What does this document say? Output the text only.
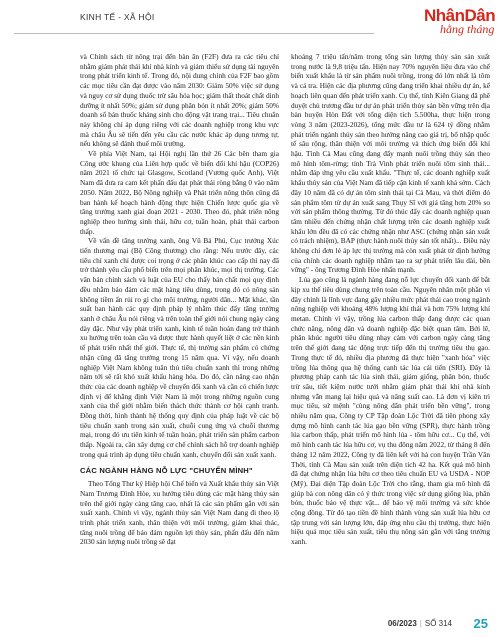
KINH TẾ - XÃ HỘI	NhânDân
hằng tháng

và Chính sách từ nông trại đến bàn ăn (F2F) đưa ra các tiêu chí nhằm giảm phát thải khí nhà kính và giảm thiểu sử dụng tài nguyên trong phát triển kinh tế. Trong đó, nội dung chính của F2F bao gồm các mục tiêu cần đạt được vào năm 2030: Giảm 50% việc sử dụng và nguy cơ sử dụng thuốc trừ sâu hóa học; giảm thất thoát chất dinh dưỡng ít nhất 50%; giảm sử dụng phân bón ít nhất 20%; giảm 50% doanh số bán thuốc kháng sinh cho động vật trang trại... Tiêu chuẩn này không chỉ áp dụng riêng với các doanh nghiệp trong khu vực mà châu Âu sẽ tiến đến yêu cầu các nước khác áp dụng tương tự, nếu không sẽ đánh thuế môi trường.

Về phía Việt Nam, tại Hội nghị lần thứ 26 Các bên tham gia Công ước khung của Liên hợp quốc về biến đổi khí hậu (COP26) năm 2021 tổ chức tại Glasgow, Scotland (Vương quốc Anh), Việt Nam đã đưa ra cam kết phấn đấu đạt phát thải ròng bằng 0 vào năm 2050. Năm 2022, Bộ Nông nghiệp và Phát triển nông thôn cũng đã ban hành kế hoạch hành động thực hiện Chiến lược quốc gia về tăng trưởng xanh giai đoạn 2021 - 2030. Theo đó, phát triển nông nghiệp theo hướng sinh thái, hữu cơ, tuần hoàn, phát thải carbon thấp.

Về vấn đề tăng trưởng xanh, ông Vũ Bá Phú, Cục trưởng Xúc tiến thương mại (Bộ Công thương) cho rằng: Nếu trước đây, các tiêu chí xanh chỉ được coi trọng ở các phân khúc cao cấp thì nay đã trở thành yêu cầu phổ biến trên mọi phân khúc, mọi thị trường. Các văn bản chính sách và luật của EU cho thấy bản chất mọi quy định đều nhằm bảo đảm các mặt hàng tiêu dùng, trong đó có nông sản không tiềm ẩn rủi ro gì cho môi trường, người dân... Mặt khác, tần suất ban hành các quy định pháp lý nhằm thúc đẩy tăng trưởng xanh ở châu Âu nói riêng và trên toàn thế giới nói chung ngày càng dày đặc. Như vậy phát triển xanh, kinh tế tuần hoàn đang trở thành xu hướng trên toàn cầu và được thực hành quyết liệt ở các nền kinh tế phát triển nhất thế giới. Thực tế, thị trường sản phẩm có chứng nhận cũng đã tăng trưởng trong 15 năm qua. Vì vậy, nếu doanh nghiệp Việt Nam không tuân thủ tiêu chuẩn xanh thì trong những năm tới sẽ rất khó xuất khẩu hàng hóa. Do đó, cần nâng cao nhận thức của các doanh nghiệp về chuyển đổi xanh và cần có chiến lược định vị để khẳng định Việt Nam là một trong những nguồn cung xanh của thế giới nhằm biến thách thức thành cơ hội cạnh tranh. Đồng thời, hình thành hệ thống quy định của pháp luật về các bộ tiêu chuẩn xanh trong sản xuất, chuỗi cung ứng và chuỗi thương mại, trong đó ưu tiên kinh tế tuần hoàn, phát triển sản phẩm carbon thấp. Ngoài ra, cần xây dựng cơ chế chính sách hỗ trợ doanh nghiệp trong quá trình áp dụng tiêu chuẩn xanh, chuyển đổi sản xuất xanh.

CÁC NGÀNH HÀNG NỖ LỰC "CHUYỂN MÌNH"

Theo Tổng Thư ký Hiệp hội Chế biến và Xuất khẩu thủy sản Việt Nam Trương Đình Hòe, xu hướng tiêu dùng các mặt hàng thủy sản trên thế giới ngày càng tăng cao, nhất là các sản phẩm gắn với sản xuất xanh. Chính vì vậy, ngành thủy sản Việt Nam đang đi theo lộ trình phát triển xanh, thân thiện với môi trường, giảm khai thác, tăng nuôi trồng để bảo đảm nguồn lợi thủy sản, phấn đấu đến năm 2030 sản lượng nuôi trồng sẽ đạt

khoảng 7 triệu tấn/năm trong tổng sản lượng thủy sản sản xuất trong nước là 9,8 triệu tấn. Hiện nay 70% nguyên liệu đưa vào chế biến xuất khẩu là từ sản phẩm nuôi trồng, trong đó lớn nhất là tôm và cá tra. Hiện các địa phương cũng đang triển khai nhiều dự án, kế hoạch liên quan đến phát triển xanh. Cụ thể, tỉnh Kiên Giang đã phê duyệt chủ trương đầu tư dự án phát triển thủy sản bền vững trên địa bàn huyện Hòn Đất với tổng diện tích 5.500ha, thực hiện trong vòng 3 năm (2023-2026), tổng mức đầu tư là 624 tỷ đồng nhằm phát triển ngành thủy sản theo hướng năng cao giá trị, bổ nhập quốc tế sâu rộng, thân thiện với môi trường và thích ứng biến đổi khí hậu. Tỉnh Cà Mau cũng đang đẩy mạnh nuôi trồng thủy sản theo mô hình tôm-rừng; tỉnh Trà Vinh phát triển nuôi tôm sinh thái... nhằm đáp ứng yêu cầu xuất khẩu. "Thực tế, các doanh nghiệp xuất khẩu thủy sản của Việt Nam đã tiếp cận kinh tế xanh khá sớm. Cách đây 10 năm đã có dự án tôm sinh thái tại Cà Mau, và thời điểm đó sản phẩm tôm từ dự án xuất sang Thụy Sĩ với giá tăng hơn 20% so với sản phẩm thông thường. Từ đó thúc đẩy các doanh nghiệp quan tâm nhiều đến chứng nhận chất lượng trên các doanh nghiệp xuất khẩu lớn đều đã có các chứng nhận như ASC (chứng nhận sản xuất có trách nhiệm), BAP (thực hành nuôi thủy sản tốt nhất)... Điều này không chỉ đơn lẻ áp lực thị trường mà còn xuất phát từ định hướng của chính các doanh nghiệp nhằm tạo ra sự phát triển lâu dài, bền vững" - ông Trương Đình Hòe nhấn mạnh.

Lúa gạo cũng là ngành hàng đang nỗ lực chuyển đổi xanh để bắt kịp xu thế tiêu dùng chung trên toàn cầu. Nguyên nhân một phần vì đây chính là lĩnh vực đang gây nhiều mức phát thải cao trong ngành nông nghiệp với khoảng 48% lượng khí thải và hơn 75% lượng khí metan. Chính vì vậy, trồng lúa carbon thấp đang được các quan chức năng, nông dân và doanh nghiệp đặc biệt quan tâm. Bởi lẽ, phân khúc người tiêu dùng nhạy cảm với carbon ngày càng tăng trên thế giới đang tác động trực tiếp đến thị trường tiêu thụ gạo. Trong thực tế đó, nhiều địa phương đã thực hiện "xanh hóa" việc trồng lúa thông qua hệ thống canh tác lúa cải tiến (SRI). Đây là phương pháp canh tác lúa sinh thái, giảm giống, phân bón, thuốc trừ sâu, tiết kiệm nước tưới nhằm giảm phát thải khí nhà kính nhưng vẫn mang lại hiệu quả và năng suất cao. Là đơn vị kiên trì mục tiêu, sứ mệnh "cùng nông dân phát triển bền vững", trong nhiều năm qua, Công ty CP Tập đoàn Lộc Trời đã tiên phong xây dựng mô hình canh tác lúa gạo bền vững (SPR), thực hành trồng lúa carbon thấp, phát triển mô hình lúa - tôm hữu cơ... Cụ thể, với mô hình canh tác lúa hữu cơ, vụ thu đông năm 2022, từ tháng 8 đến tháng 12 năm 2022, Công ty đã liên kết với hà con huyện Trần Văn Thời, tỉnh Cà Mau sản xuất trên diện tích 42 ha. Kết quả mô hình đã đạt chứng nhận lúa hữu cơ theo tiêu chuẩn EU và USDA - NOP (Mỹ). Đại diện Tập đoàn Lộc Trời cho rằng, tham gia mô hình đã giúp bà con nông dân có ý thức trong việc sử dụng giống lúa, phân bón, thuốc bảo vệ thực vật... để bảo vệ môi trường và sức khỏe cộng đồng. Từ đó tạo tiền đề hình thành vùng sản xuất lúa hữu cơ tập trung với sản lượng lớn, đáp ứng nhu cầu thị trường, thực hiện hiệu quả mục tiêu sản xuất, tiêu thụ nông sản gắn với tăng trưởng xanh.

06/2023 | SỐ 314 25
